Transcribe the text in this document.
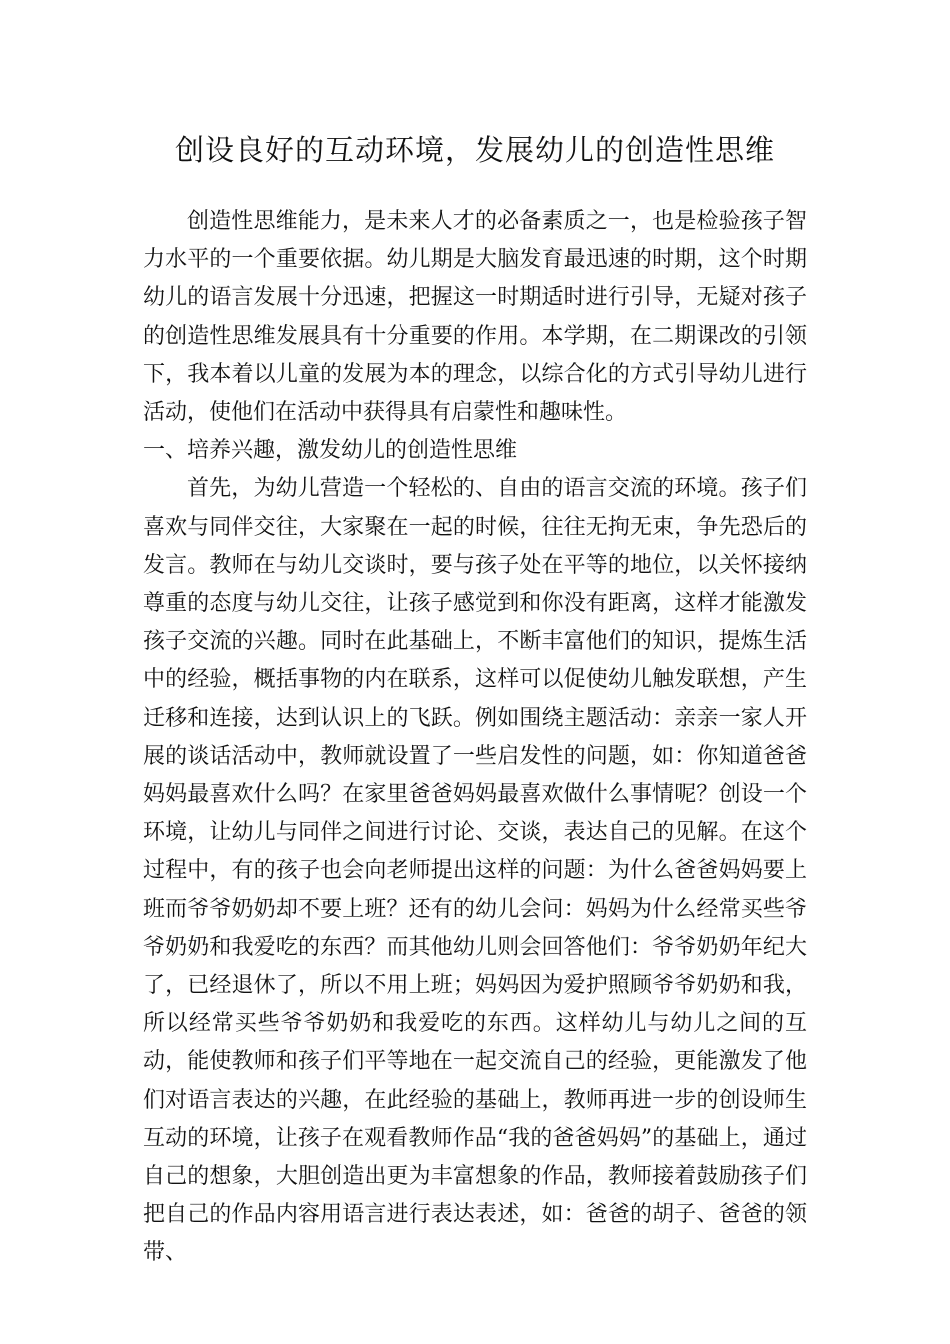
创设良好的互动环境，发展幼儿的创造性思维

创造性思维能力，是未来人才的必备素质之一，也是检验孩子智力水平的一个重要依据。幼儿期是大脑发育最迅速的时期，这个时期幼儿的语言发展十分迅速，把握这一时期适时进行引导，无疑对孩子的创造性思维发展具有十分重要的作用。本学期，在二期课改的引领下，我本着以儿童的发展为本的理念，以综合化的方式引导幼儿进行活动，使他们在活动中获得具有启蒙性和趣味性。

一、培养兴趣，激发幼儿的创造性思维

首先，为幼儿营造一个轻松的、自由的语言交流的环境。孩子们喜欢与同伴交往，大家聚在一起的时候，往往无拘无束，争先恐后的发言。教师在与幼儿交谈时，要与孩子处在平等的地位，以关怀接纳尊重的态度与幼儿交往，让孩子感觉到和你没有距离，这样才能激发孩子交流的兴趣。同时在此基础上，不断丰富他们的知识，提炼生活中的经验，概括事物的内在联系，这样可以促使幼儿触发联想，产生迁移和连接，达到认识上的飞跃。例如围绕主题活动：亲亲一家人开展的谈话活动中，教师就设置了一些启发性的问题，如：你知道爸爸妈妈最喜欢什么吗？在家里爸爸妈妈最喜欢做什么事情呢？创设一个环境，让幼儿与同伴之间进行讨论、交谈，表达自己的见解。在这个过程中，有的孩子也会向老师提出这样的问题：为什么爸爸妈妈要上班而爷爷奶奶却不要上班？还有的幼儿会问：妈妈为什么经常买些爷爷奶奶和我爱吃的东西？而其他幼儿则会回答他们：爷爷奶奶年纪大了，已经退休了，所以不用上班；妈妈因为爱护照顾爷爷奶奶和我，所以经常买些爷爷奶奶和我爱吃的东西。这样幼儿与幼儿之间的互动，能使教师和孩子们平等地在一起交流自己的经验，更能激发了他们对语言表达的兴趣，在此经验的基础上，教师再进一步的创设师生互动的环境，让孩子在观看教师作品“我的爸爸妈妈”的基础上，通过自己的想象，大胆创造出更为丰富想象的作品，教师接着鼓励孩子们把自己的作品内容用语言进行表达表述，如：爸爸的胡子、爸爸的领带、
